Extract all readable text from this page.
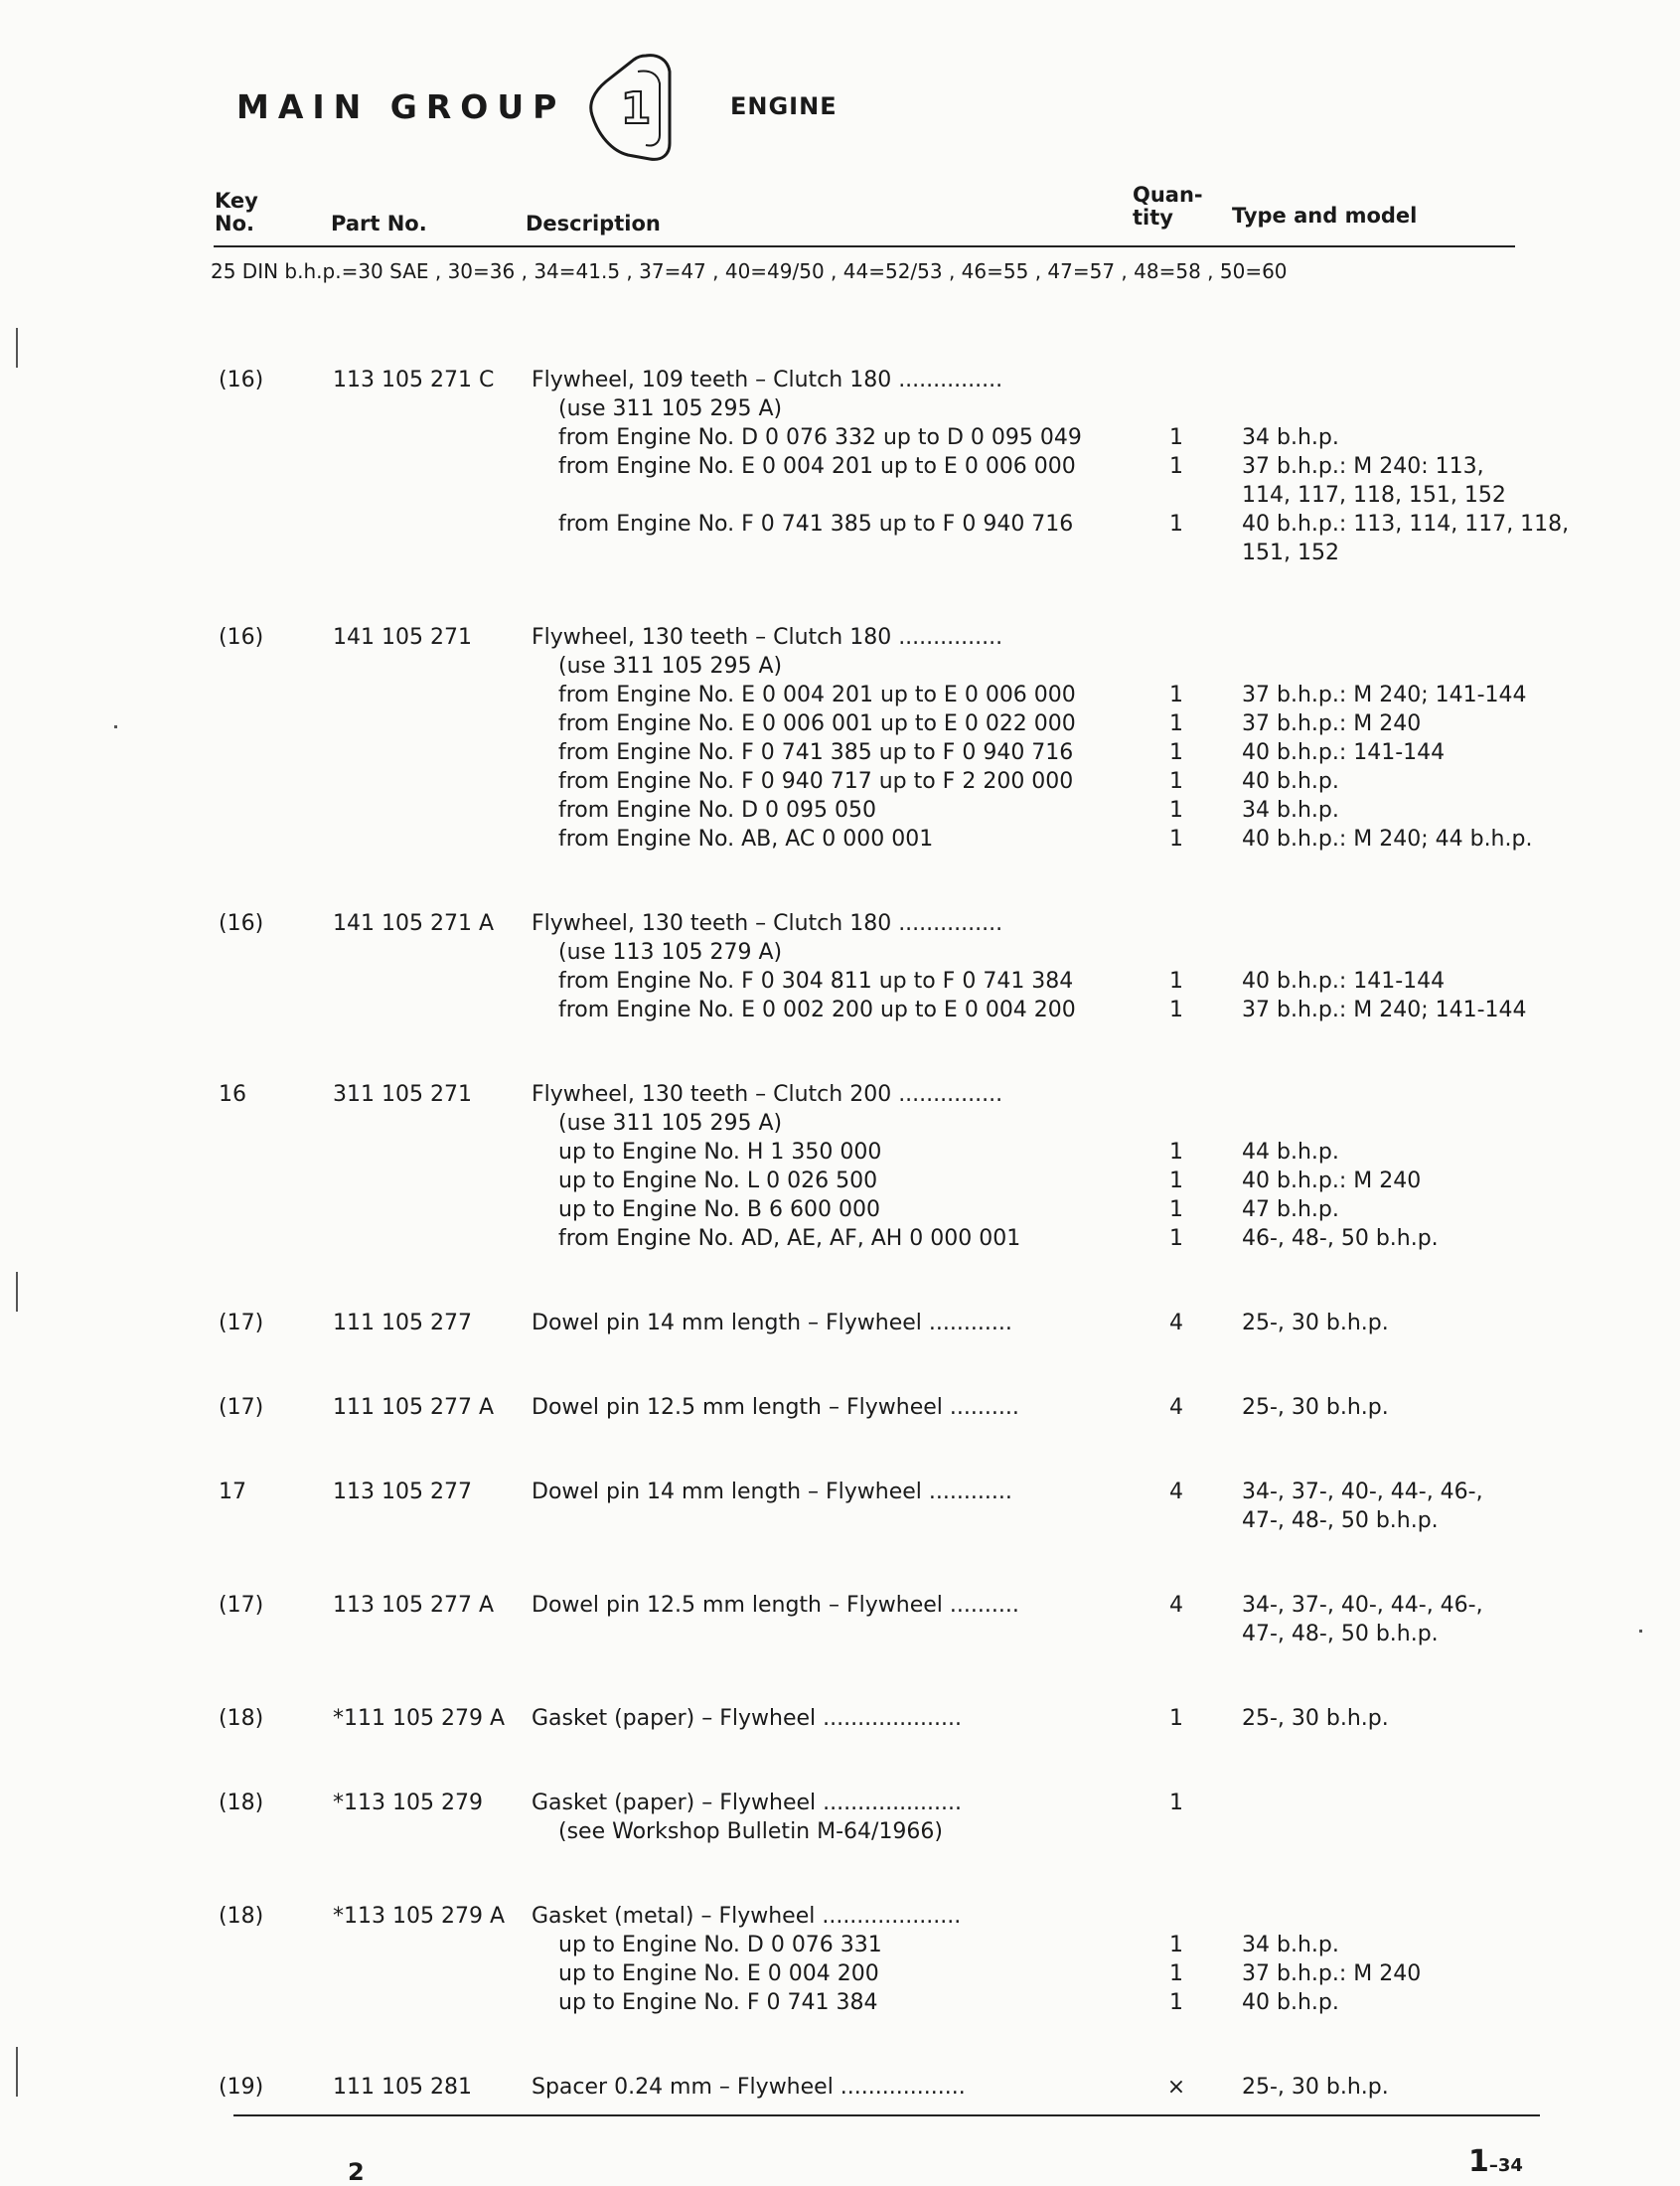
MAIN GROUP 1	ENGINE
Key
No.	Part No.	Description
Quan-
tity	Type and model
25 DIN b.h.p.=30 SAE , 30=36 , 34=41.5 , 37=47 , 40=49/50 , 44=52/53 , 46=55 , 47=57 , 48=58 , 50=60
(16)	113 105 271 C	Flywheel, 109 teeth – Clutch 180 ...............
(use 311 105 295 A)
from Engine No. D 0 076 332 up to D 0 095 049	1	34 b.h.p.
from Engine No. E 0 004 201 up to E 0 006 000	1	37 b.h.p.: M 240: 113,
114, 117, 118, 151, 152
from Engine No. F 0 741 385 up to F 0 940 716	1	40 b.h.p.: 113, 114, 117, 118,
151, 152
(16)	141 105 271	Flywheel, 130 teeth – Clutch 180 ...............
(use 311 105 295 A)
from Engine No. E 0 004 201 up to E 0 006 000	1	37 b.h.p.: M 240; 141-144
from Engine No. E 0 006 001 up to E 0 022 000	1	37 b.h.p.: M 240
from Engine No. F 0 741 385 up to F 0 940 716	1	40 b.h.p.: 141-144
from Engine No. F 0 940 717 up to F 2 200 000	1	40 b.h.p.
from Engine No. D 0 095 050	1	34 b.h.p.
from Engine No. AB, AC 0 000 001	1	40 b.h.p.: M 240; 44 b.h.p.
(16)	141 105 271 A	Flywheel, 130 teeth – Clutch 180 ...............
(use 113 105 279 A)
from Engine No. F 0 304 811 up to F 0 741 384	1	40 b.h.p.: 141-144
from Engine No. E 0 002 200 up to E 0 004 200	1	37 b.h.p.: M 240; 141-144
16	311 105 271	Flywheel, 130 teeth – Clutch 200 ...............
(use 311 105 295 A)
up to Engine No. H 1 350 000	1	44 b.h.p.
up to Engine No. L 0 026 500	1	40 b.h.p.: M 240
up to Engine No. B 6 600 000	1	47 b.h.p.
from Engine No. AD, AE, AF, AH 0 000 001	1	46-, 48-, 50 b.h.p.
(17)	111 105 277	Dowel pin 14 mm length – Flywheel ............	4	25-, 30 b.h.p.
(17)	111 105 277 A	Dowel pin 12.5 mm length – Flywheel ..........	4	25-, 30 b.h.p.
17	113 105 277	Dowel pin 14 mm length – Flywheel ............	4	34-, 37-, 40-, 44-, 46-,
47-, 48-, 50 b.h.p.
(17)	113 105 277 A	Dowel pin 12.5 mm length – Flywheel ..........	4	34-, 37-, 40-, 44-, 46-,
47-, 48-, 50 b.h.p.
(18)	*111 105 279 A	Gasket (paper) – Flywheel ....................	1	25-, 30 b.h.p.
(18)	*113 105 279	Gasket (paper) – Flywheel ....................	1
(see Workshop Bulletin M-64/1966)
(18)	*113 105 279 A	Gasket (metal) – Flywheel ....................
up to Engine No. D 0 076 331	1	34 b.h.p.
up to Engine No. E 0 004 200	1	37 b.h.p.: M 240
up to Engine No. F 0 741 384	1	40 b.h.p.
(19)	111 105 281	Spacer 0.24 mm – Flywheel ..................	×	25-, 30 b.h.p.
2	1–34
